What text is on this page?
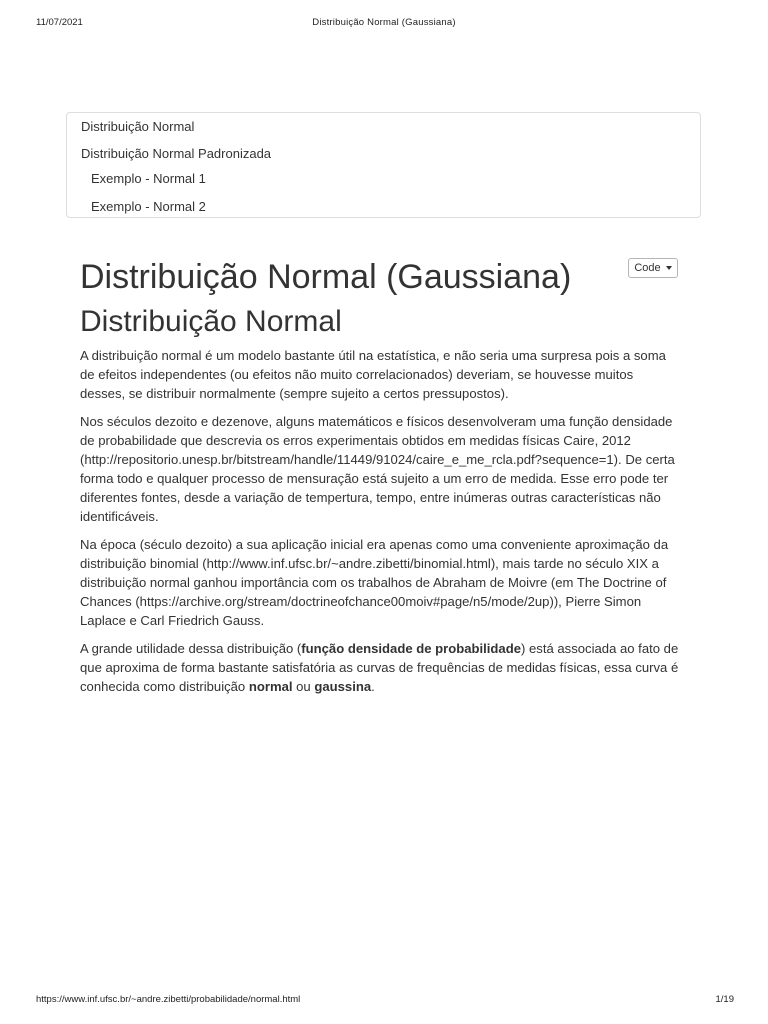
11/07/2021	Distribuição Normal (Gaussiana)
Distribuição Normal
Distribuição Normal Padronizada
Exemplo - Normal 1
Exemplo - Normal 2
Code
Distribuição Normal (Gaussiana)
Distribuição Normal

A distribuição normal é um modelo bastante útil na estatística, e não seria uma surpresa pois a soma de efeitos independentes (ou efeitos não muito correlacionados) deveriam, se houvesse muitos desses, se distribuir normalmente (sempre sujeito a certos pressupostos).

Nos séculos dezoito e dezenove, alguns matemáticos e físicos desenvolveram uma função densidade de probabilidade que descrevia os erros experimentais obtidos em medidas físicas Caire, 2012 (http://repositorio.unesp.br/bitstream/handle/11449/91024/caire_e_me_rcla.pdf?sequence=1). De certa forma todo e qualquer processo de mensuração está sujeito a um erro de medida. Esse erro pode ter diferentes fontes, desde a variação de tempertura, tempo, entre inúmeras outras características não identificáveis.

Na época (século dezoito) a sua aplicação inicial era apenas como uma conveniente aproximação da distribuição binomial (http://www.inf.ufsc.br/~andre.zibetti/binomial.html), mais tarde no século XIX a distribuição normal ganhou importância com os trabalhos de Abraham de Moivre (em The Doctrine of Chances (https://archive.org/stream/doctrineofchance00moiv#page/n5/mode/2up)), Pierre Simon Laplace e Carl Friedrich Gauss.

A grande utilidade dessa distribuição (função densidade de probabilidade) está associada ao fato de que aproxima de forma bastante satisfatória as curvas de frequências de medidas físicas, essa curva é conhecida como distribuição normal ou gaussina.

https://www.inf.ufsc.br/~andre.zibetti/probabilidade/normal.html	1/19
